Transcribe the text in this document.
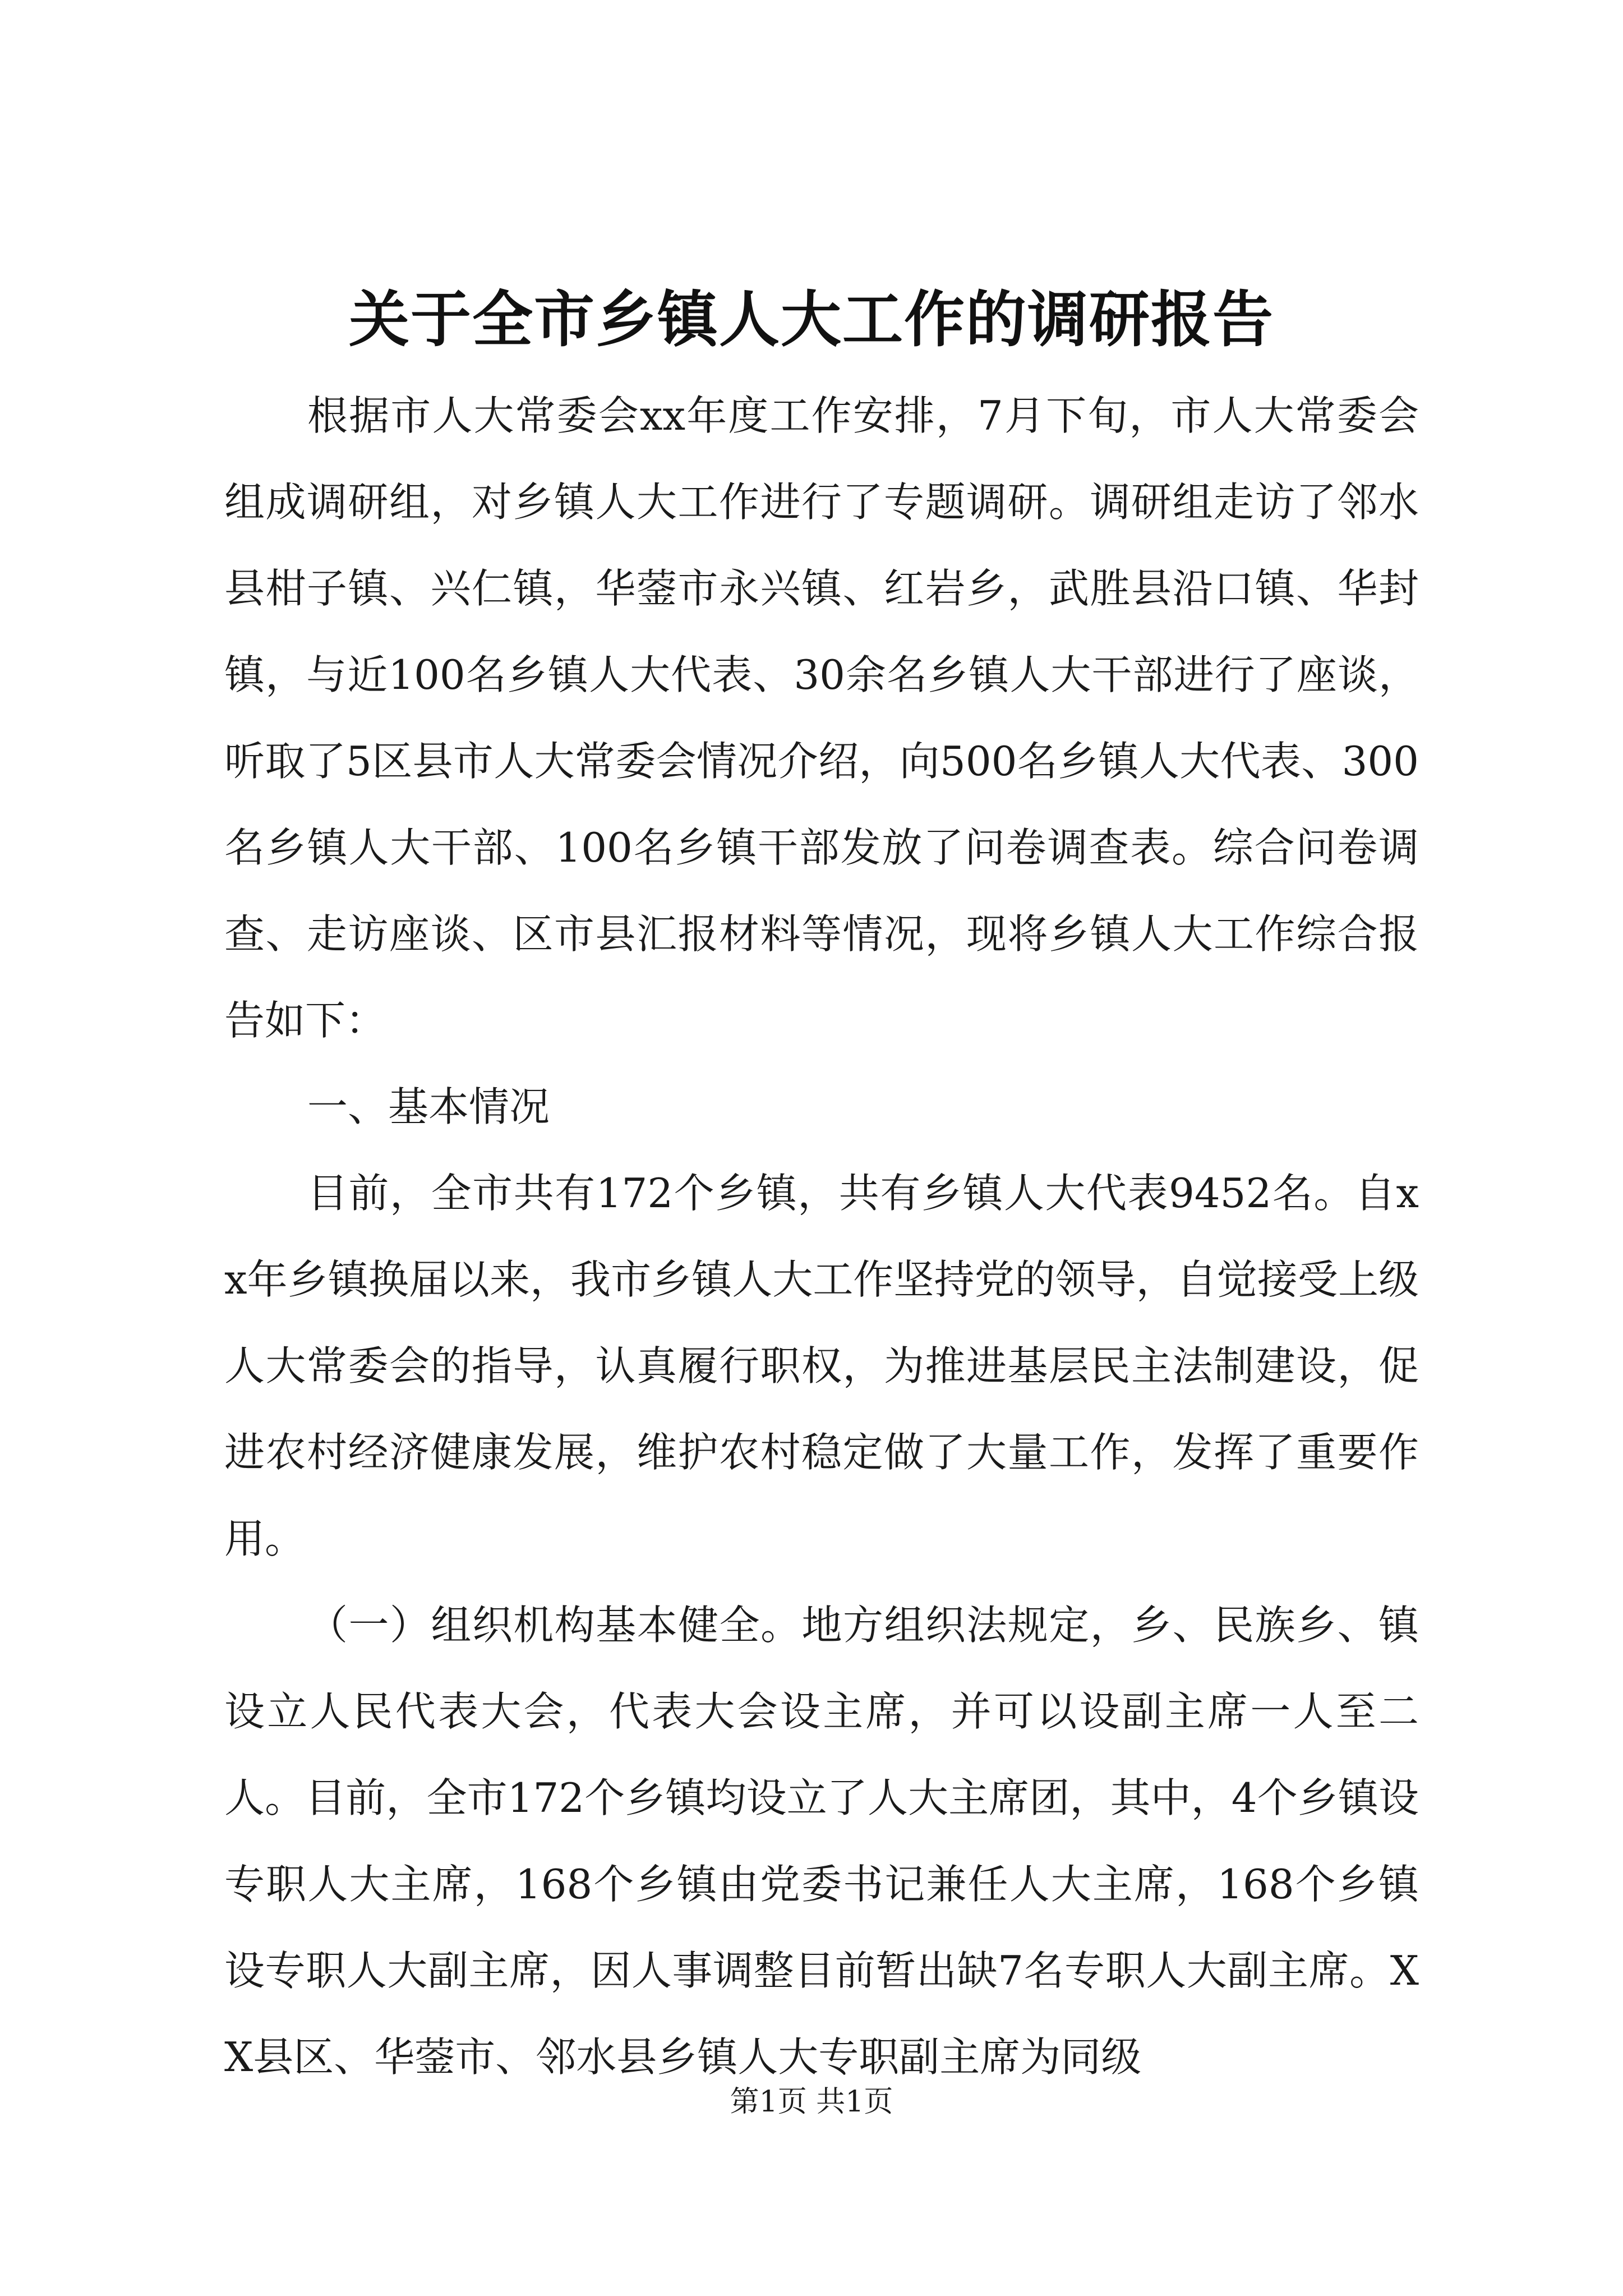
关于全市乡镇人大工作的调研报告

根据市人大常委会xx年度工作安排，7月下旬，市人大常委会组成调研组，对乡镇人大工作进行了专题调研。调研组走访了邻水县柑子镇、兴仁镇，华蓥市永兴镇、红岩乡，武胜县沿口镇、华封镇，与近100名乡镇人大代表、30余名乡镇人大干部进行了座谈，听取了5区县市人大常委会情况介绍，向500名乡镇人大代表、300名乡镇人大干部、100名乡镇干部发放了问卷调查表。综合问卷调查、走访座谈、区市县汇报材料等情况，现将乡镇人大工作综合报告如下：

一、基本情况

目前，全市共有172个乡镇，共有乡镇人大代表9452名。自xx年乡镇换届以来，我市乡镇人大工作坚持党的领导，自觉接受上级人大常委会的指导，认真履行职权，为推进基层民主法制建设，促进农村经济健康发展，维护农村稳定做了大量工作，发挥了重要作用。

（一）组织机构基本健全。地方组织法规定，乡、民族乡、镇设立人民代表大会，代表大会设主席，并可以设副主席一人至二人。目前，全市172个乡镇均设立了人大主席团，其中，4个乡镇设专职人大主席，168个乡镇由党委书记兼任人大主席，168个乡镇设专职人大副主席，因人事调整目前暂出缺7名专职人大副主席。XX县区、华蓥市、邻水县乡镇人大专职副主席为同级

第1页 共1页
